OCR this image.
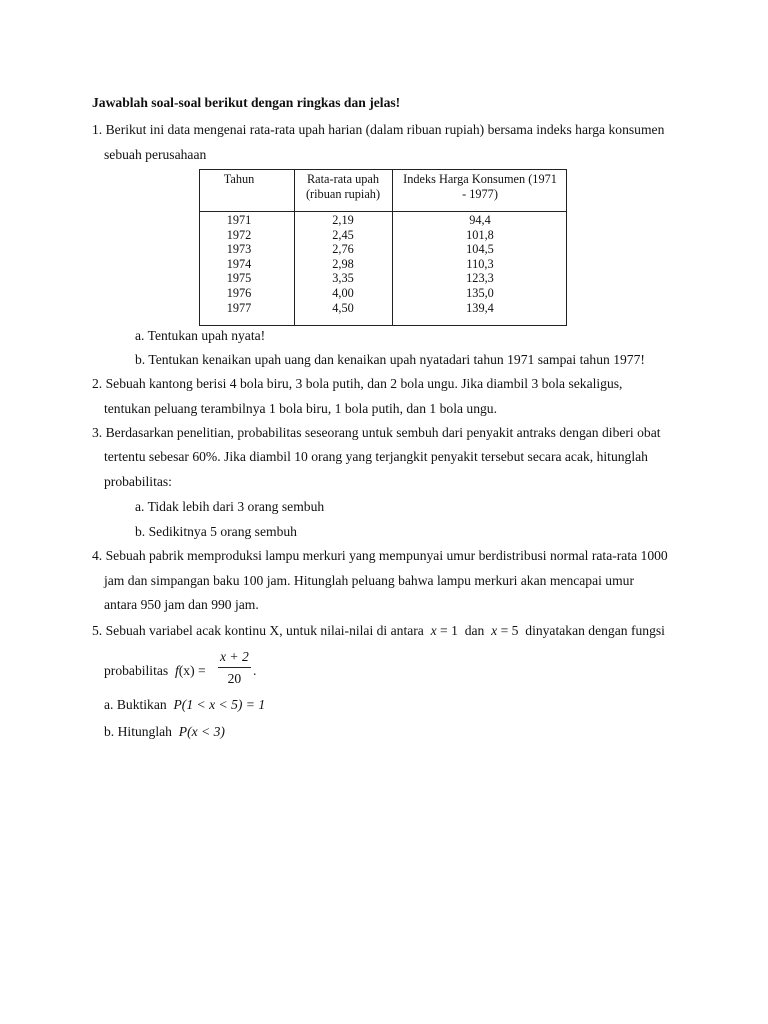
Jawablah soal-soal berikut dengan ringkas dan jelas!
1. Berikut ini data mengenai rata-rata upah harian (dalam ribuan rupiah) bersama indeks harga konsumen
sebuah perusahaan
Tahun	Rata-rata upah
(ribuan rupiah)
Indeks Harga Konsumen (1971
- 1977)
1971
1972
1973
1974
1975
1976
1977
2,19
2,45
2,76
2,98
3,35
4,00
4,50
94,4
101,8
104,5
110,3
123,3
135,0
139,4
a. Tentukan upah nyata!
b. Tentukan kenaikan upah uang dan kenaikan upah nyatadari tahun 1971 sampai tahun 1977!
2. Sebuah kantong berisi 4 bola biru, 3 bola putih, dan 2 bola ungu. Jika diambil 3 bola sekaligus,
tentukan peluang terambilnya 1 bola biru, 1 bola putih, dan 1 bola ungu.
3. Berdasarkan penelitian, probabilitas seseorang untuk sembuh dari penyakit antraks dengan diberi obat
tertentu sebesar 60%. Jika diambil 10 orang yang terjangkit penyakit tersebut secara acak, hitunglah
probabilitas:
a. Tidak lebih dari 3 orang sembuh
b. Sedikitnya 5 orang sembuh
4. Sebuah pabrik memproduksi lampu merkuri yang mempunyai umur berdistribusi normal rata-rata 1000
jam dan simpangan baku 100 jam. Hitunglah peluang bahwa lampu merkuri akan mencapai umur
antara 950 jam dan 990 jam.
5. Sebuah variabel acak kontinu X, untuk nilai-nilai di antara x = 1 dan x = 5 dinyatakan dengan fungsi
probabilitas f(x) =
x + 2
20
.
a. Buktikan P(1 < x < 5) = 1
b. Hitunglah P(x < 3)
